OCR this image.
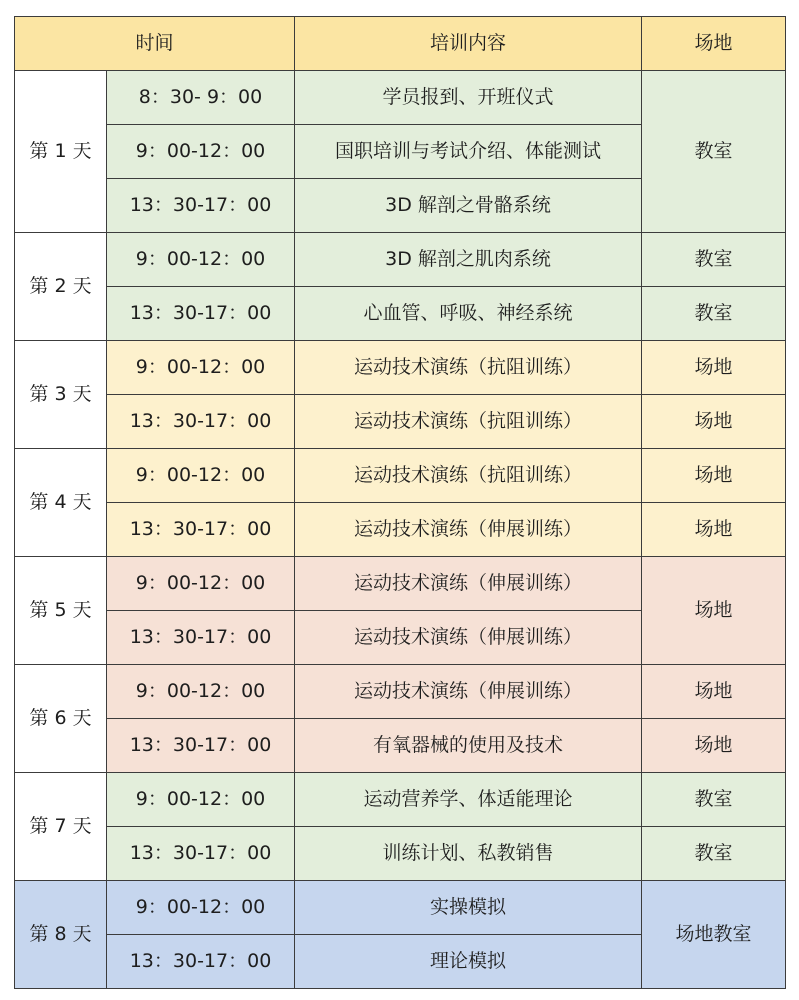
时间		培训内容	场地
第 1 天	8：30- 9：00	学员报到、开班仪式	教室
	9：00-12：00	国职培训与考试介绍、体能测试	
	13：30-17：00	3D 解剖之骨骼系统	
第 2 天	9：00-12：00	3D 解剖之肌肉系统	教室
	13：30-17：00	心血管、呼吸、神经系统	教室
第 3 天	9：00-12：00	运动技术演练（抗阻训练）	场地
	13：30-17：00	运动技术演练（抗阻训练）	场地
第 4 天	9：00-12：00	运动技术演练（抗阻训练）	场地
	13：30-17：00	运动技术演练（伸展训练）	场地
第 5 天	9：00-12：00	运动技术演练（伸展训练）	场地
	13：30-17：00	运动技术演练（伸展训练）	
第 6 天	9：00-12：00	运动技术演练（伸展训练）	场地
	13：30-17：00	有氧器械的使用及技术	场地
第 7 天	9：00-12：00	运动营养学、体适能理论	教室
	13：30-17：00	训练计划、私教销售	教室
第 8 天	9：00-12：00	实操模拟	场地教室
	13：30-17：00	理论模拟	
